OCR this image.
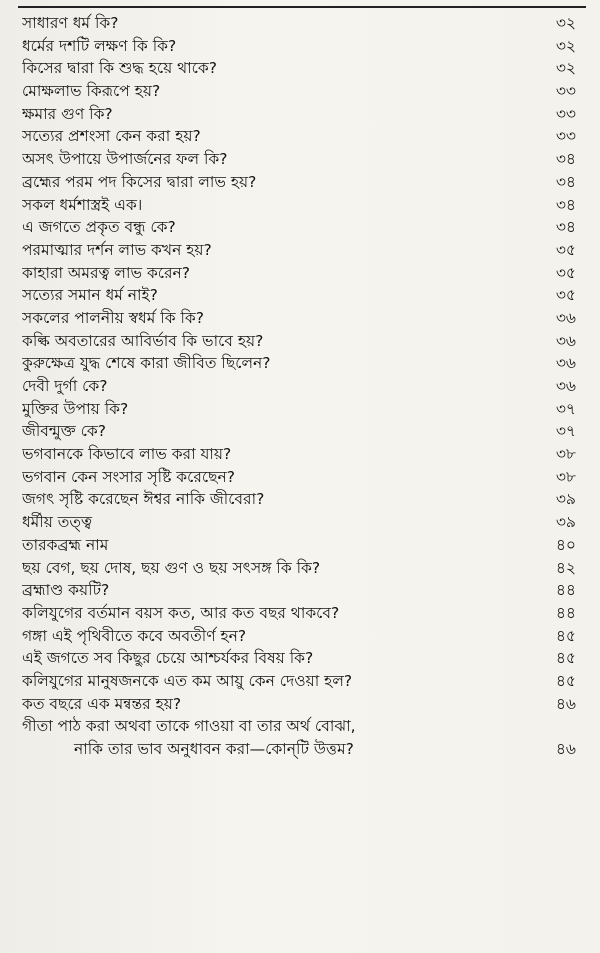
সাধারণ ধর্ম কি?	৩২
ধর্মের দশটি লক্ষণ কি কি?	৩২
কিসের দ্বারা কি শুদ্ধ হয়ে থাকে?	৩২
মোক্ষলাভ কিরূপে হয়?	৩৩
ক্ষমার গুণ কি?	৩৩
সত্যের প্রশংসা কেন করা হয়?	৩৩
অসৎ উপায়ে উপার্জনের ফল কি?	৩৪
ব্রহ্মের পরম পদ কিসের দ্বারা লাভ হয়?	৩৪
সকল ধর্মশাস্ত্রই এক।	৩৪
এ জগতে প্রকৃত বন্ধু কে?	৩৪
পরমাত্মার দর্শন লাভ কখন হয়?	৩৫
কাহারা অমরত্ব লাভ করেন?	৩৫
সত্যের সমান ধর্ম নাই?	৩৫
সকলের পালনীয় স্বধর্ম কি কি?	৩৬
কল্কি অবতারের আবির্ভাব কি ভাবে হয়?	৩৬
কুরুক্ষেত্র যুদ্ধ শেষে কারা জীবিত ছিলেন?	৩৬
দেবী দুর্গা কে?	৩৬
মুক্তির উপায় কি?	৩৭
জীবন্মুক্ত কে?	৩৭
ভগবানকে কিভাবে লাভ করা যায়?	৩৮
ভগবান কেন সংসার সৃষ্টি করেছেন?	৩৮
জগৎ সৃষ্টি করেছেন ঈশ্বর নাকি জীবেরা?	৩৯
ধর্মীয় তত্ত্ব	৩৯
তারকব্রহ্ম নাম	৪০
ছয় বেগ, ছয় দোষ, ছয় গুণ ও ছয় সৎসঙ্গ কি কি?	৪২
ব্রহ্মাণ্ড কয়টি?	৪৪
কলিযুগের বর্তমান বয়স কত, আর কত বছর থাকবে?	৪৪
গঙ্গা এই পৃথিবীতে কবে অবতীর্ণ হন?	৪৫
এই জগতে সব কিছুর চেয়ে আশ্চর্যকর বিষয় কি?	৪৫
কলিযুগের মানুষজনকে এত কম আয়ু কেন দেওয়া হল?	৪৫
কত বছরে এক মন্বন্তর হয়?	৪৬
গীতা পাঠ করা অথবা তাকে গাওয়া বা তার অর্থ বোঝা,
নাকি তার ভাব অনুধাবন করা—কোন্‌টি উত্তম?	৪৬
